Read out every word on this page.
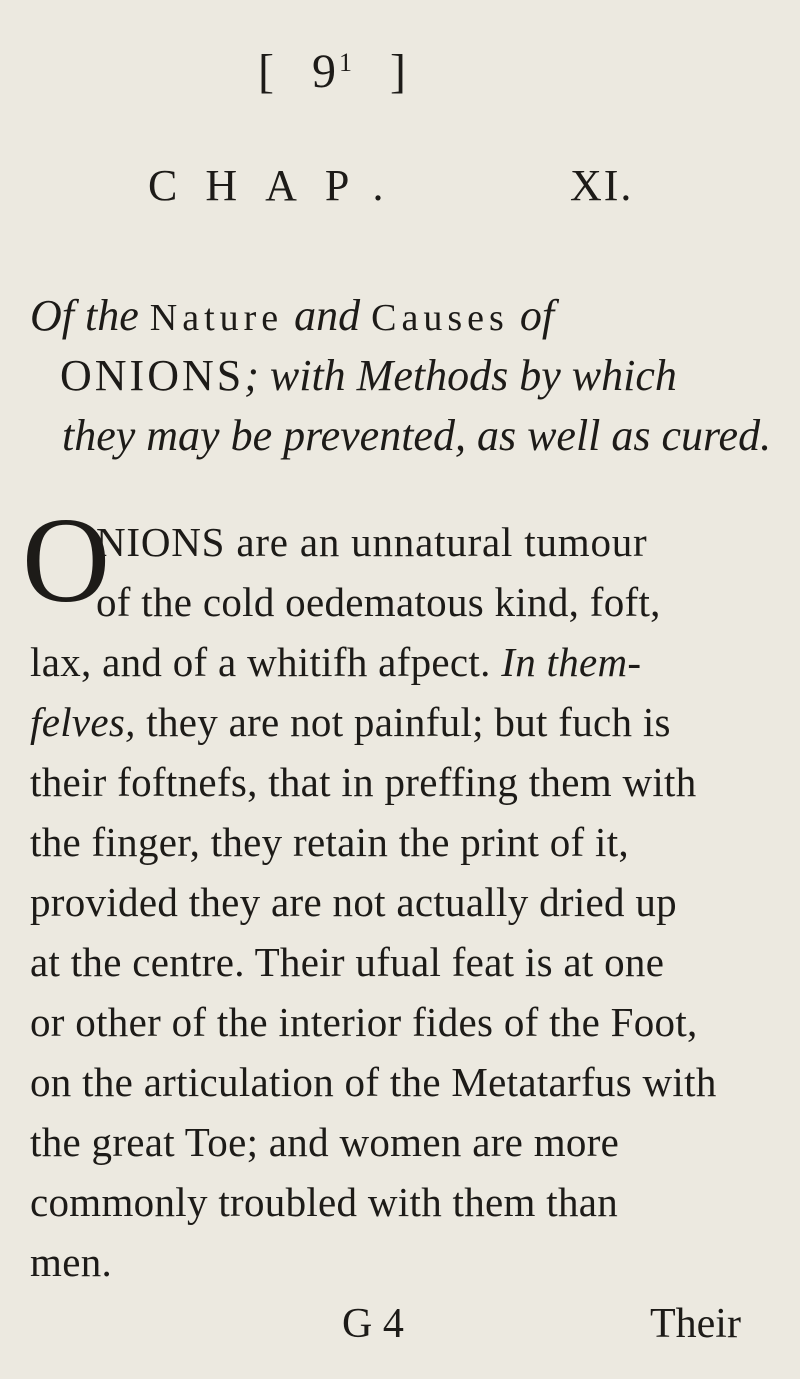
[ $9^1$ ]
CHAP.	XI.
Of the Nature and Causes of
ONIONS; with Methods by which
they may be prevented, as well as cured.
O
NIONS are an unnatural tumour
of the cold oedematous kind, foft,
lax, and of a whitifh afpect. In them-
felves, they are not painful; but fuch is
their foftnefs, that in preffing them with
the finger, they retain the print of it,
provided they are not actually dried up
at the centre. Their ufual feat is at one
or other of the interior fides of the Foot,
on the articulation of the Metatarfus with
the great Toe; and women are more
commonly troubled with them than
men.
G 4	Their
